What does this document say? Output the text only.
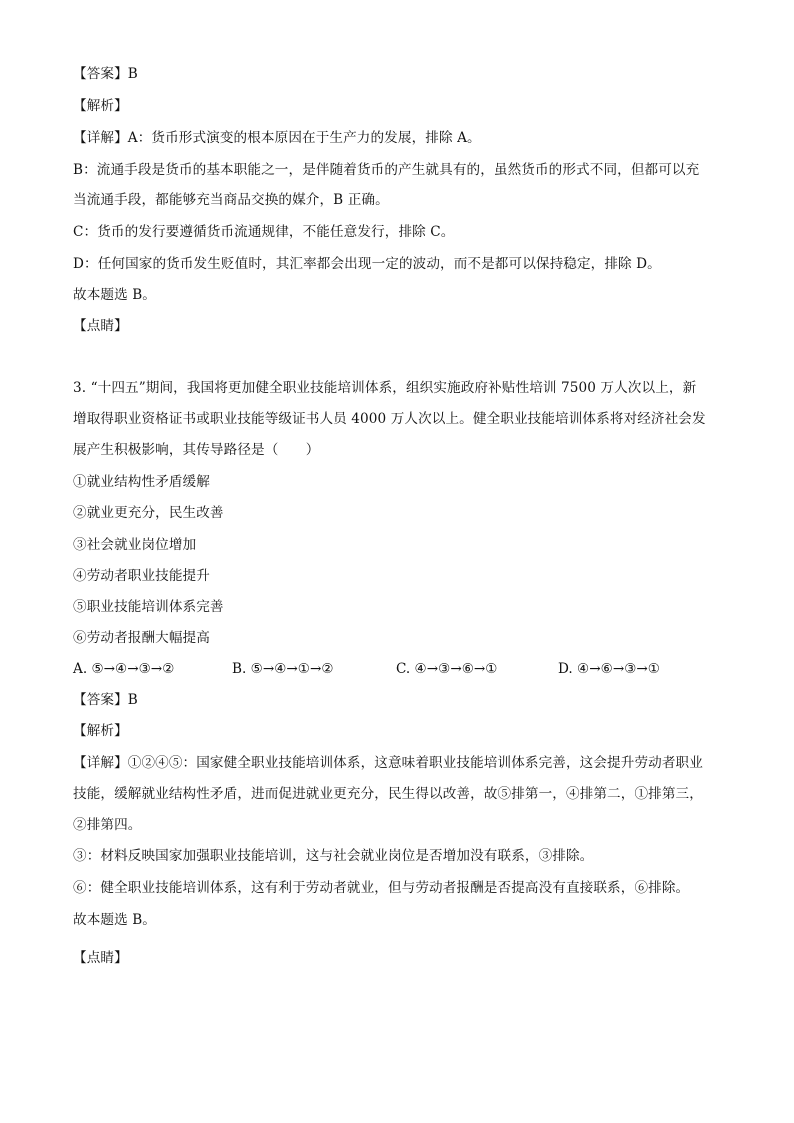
【答案】B
【解析】
【详解】A：货币形式演变的根本原因在于生产力的发展，排除 A。
B：流通手段是货币的基本职能之一，是伴随着货币的产生就具有的，虽然货币的形式不同，但都可以充
当流通手段，都能够充当商品交换的媒介，B 正确。
C：货币的发行要遵循货币流通规律，不能任意发行，排除 C。
D：任何国家的货币发生贬值时，其汇率都会出现一定的波动，而不是都可以保持稳定，排除 D。
故本题选 B。
【点睛】
3. “十四五”期间，我国将更加健全职业技能培训体系，组织实施政府补贴性培训 7500 万人次以上，新
增取得职业资格证书或职业技能等级证书人员 4000 万人次以上。健全职业技能培训体系将对经济社会发
展产生积极影响，其传导路径是（　　）
①就业结构性矛盾缓解
②就业更充分，民生改善
③社会就业岗位增加
④劳动者职业技能提升
⑤职业技能培训体系完善
⑥劳动者报酬大幅提高
A. ⑤→④→③→②	B. ⑤→④→①→②	C. ④→③→⑥→①	D. ④→⑥→③→①
【答案】B
【解析】
【详解】①②④⑤：国家健全职业技能培训体系，这意味着职业技能培训体系完善，这会提升劳动者职业
技能，缓解就业结构性矛盾，进而促进就业更充分，民生得以改善，故⑤排第一，④排第二，①排第三，
②排第四。
③：材料反映国家加强职业技能培训，这与社会就业岗位是否增加没有联系，③排除。
⑥：健全职业技能培训体系，这有利于劳动者就业，但与劳动者报酬是否提高没有直接联系，⑥排除。
故本题选 B。
【点睛】
